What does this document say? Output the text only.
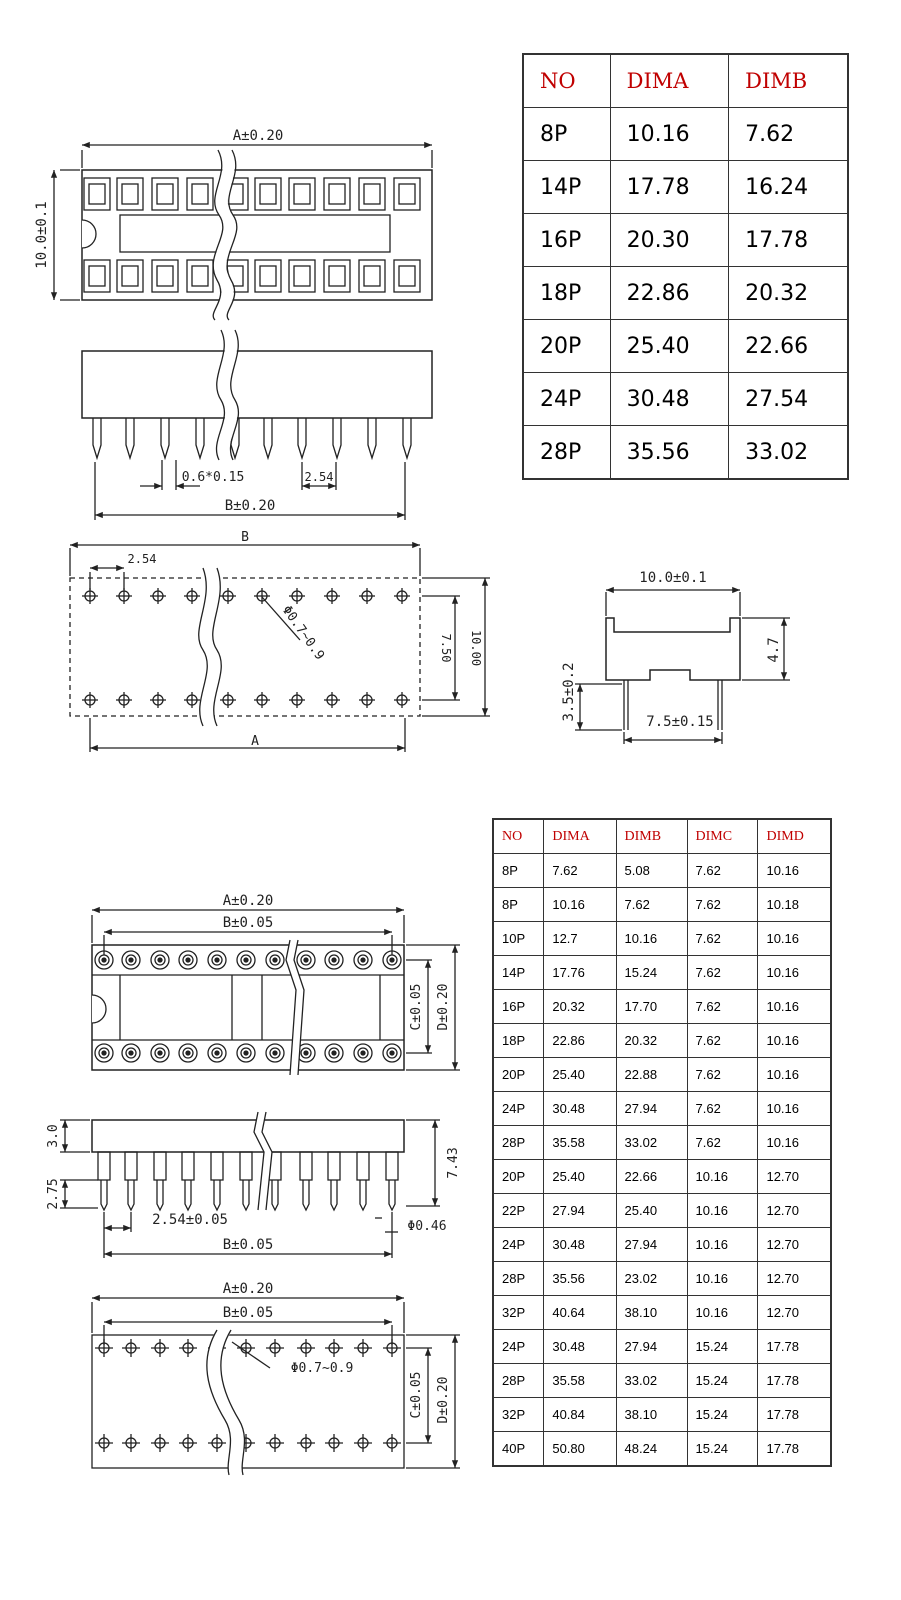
A±0.20
10.0±0.1
0.6*0.15	2.54
B±0.20
B
2.54
Φ0.7~0.9	7.50 10.00
A
10.0±0.1
4.7
3.5±0.2
7.5±0.15
A±0.20
B±0.05
C±0.05 D±0.20
3.0
7.43
2.75
2.54±0.05	Φ0.46
B±0.05
A±0.20
B±0.05
Φ0.7~0.9
C±0.05 D±0.20
NO	DIMA	DIMB
8P	10.16	7.62
14P	17.78	16.24
16P	20.30	17.78
18P	22.86	20.32
20P	25.40	22.66
24P	30.48	27.54
28P	35.56	33.02
NO	DIMA	DIMB	DIMC	DIMD
8P	7.62	5.08	7.62	10.16
8P	10.16	7.62	7.62	10.18
10P	12.7	10.16	7.62	10.16
14P	17.76	15.24	7.62	10.16
16P	20.32	17.70	7.62	10.16
18P	22.86	20.32	7.62	10.16
20P	25.40	22.88	7.62	10.16
24P	30.48	27.94	7.62	10.16
28P	35.58	33.02	7.62	10.16
20P	25.40	22.66	10.16	12.70
22P	27.94	25.40	10.16	12.70
24P	30.48	27.94	10.16	12.70
28P	35.56	23.02	10.16	12.70
32P	40.64	38.10	10.16	12.70
24P	30.48	27.94	15.24	17.78
28P	35.58	33.02	15.24	17.78
32P	40.84	38.10	15.24	17.78
40P	50.80	48.24	15.24	17.78
